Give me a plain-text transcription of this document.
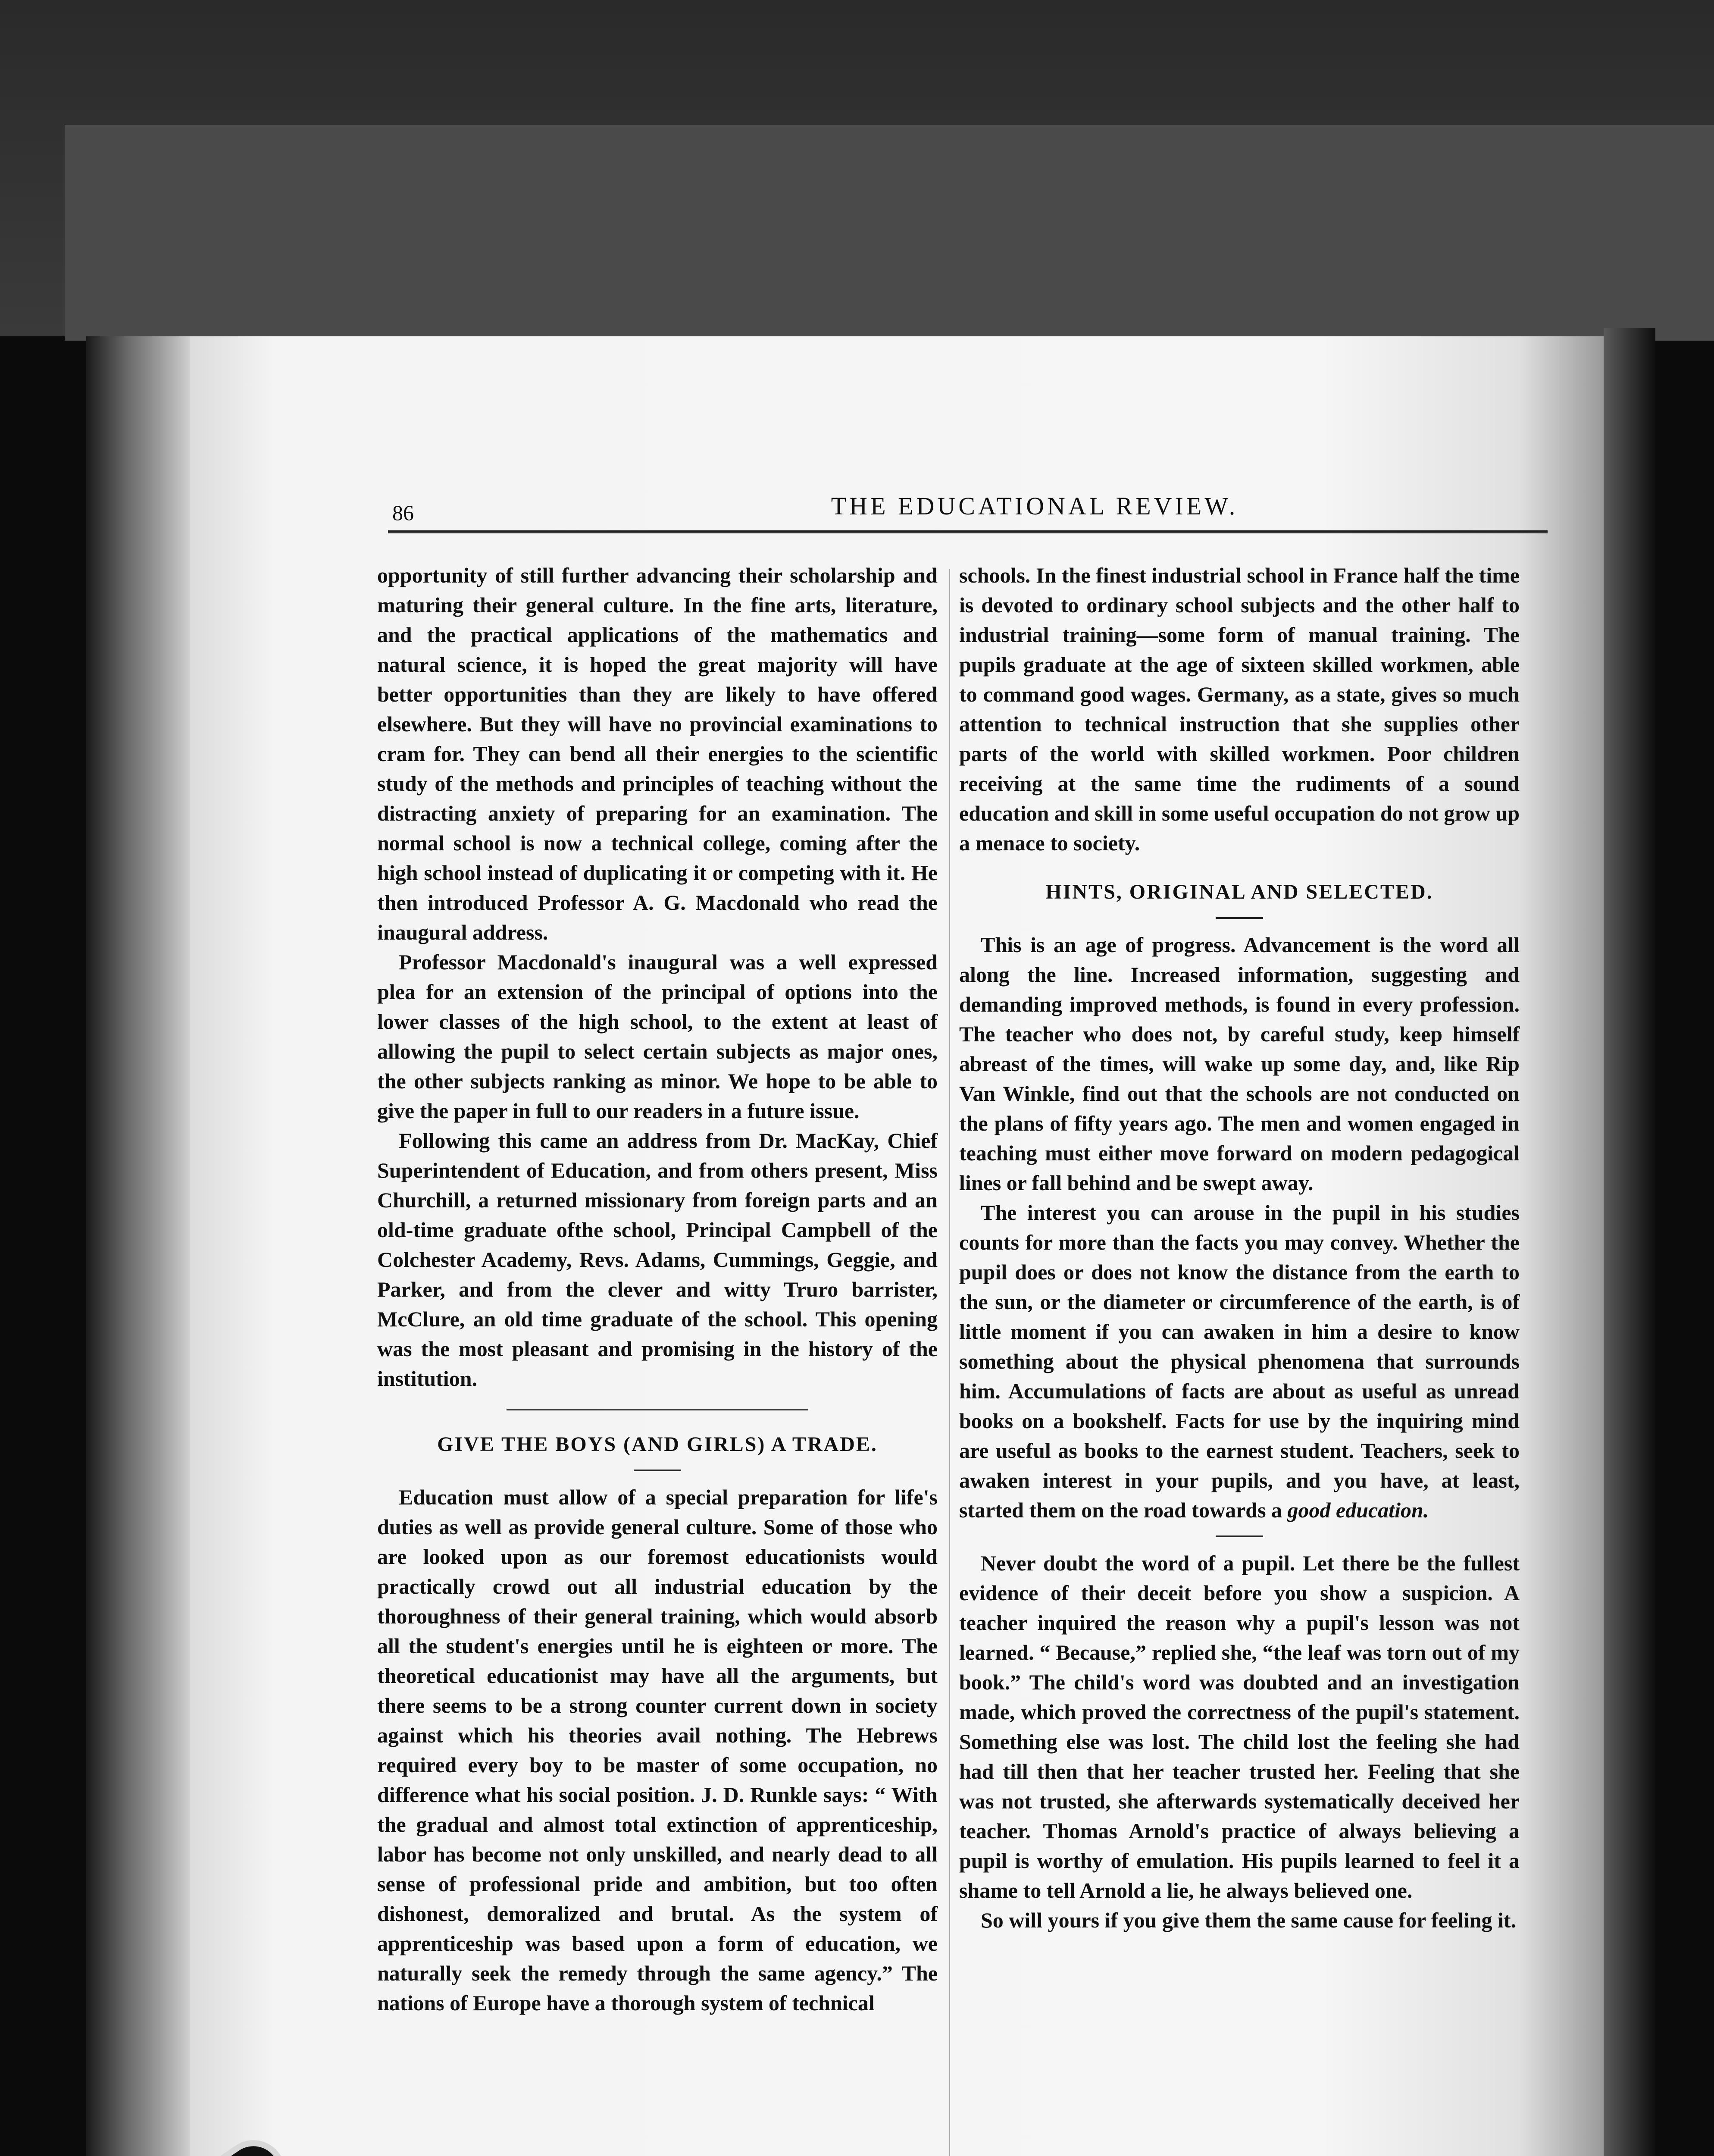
86	THE EDUCATIONAL REVIEW.

opportunity of still further advancing their scholarship and maturing their general culture. In the fine arts, literature, and the practical applications of the mathematics and natural science, it is hoped the great majority will have better opportunities than they are likely to have offered elsewhere. But they will have no provincial examinations to cram for. They can bend all their energies to the scientific study of the methods and principles of teaching without the distracting anxiety of preparing for an examination. The normal school is now a technical college, coming after the high school instead of duplicating it or competing with it. He then introduced Professor A. G. Macdonald who read the inaugural address.

Professor Macdonald's inaugural was a well expressed plea for an extension of the principal of options into the lower classes of the high school, to the extent at least of allowing the pupil to select certain subjects as major ones, the other subjects ranking as minor. We hope to be able to give the paper in full to our readers in a future issue.

Following this came an address from Dr. MacKay, Chief Superintendent of Education, and from others present, Miss Churchill, a returned missionary from foreign parts and an old-time graduate ofthe school, Principal Campbell of the Colchester Academy, Revs. Adams, Cummings, Geggie, and Parker, and from the clever and witty Truro barrister, McClure, an old time graduate of the school. This opening was the most pleasant and promising in the history of the institution.

GIVE THE BOYS (AND GIRLS) A TRADE.

Education must allow of a special preparation for life's duties as well as provide general culture. Some of those who are looked upon as our foremost educationists would practically crowd out all industrial education by the thoroughness of their general training, which would absorb all the student's energies until he is eighteen or more. The theoretical educationist may have all the arguments, but there seems to be a strong counter current down in society against which his theories avail nothing. The Hebrews required every boy to be master of some occupation, no difference what his social position. J. D. Runkle says: “ With the gradual and almost total extinction of apprenticeship, labor has become not only unskilled, and nearly dead to all sense of professional pride and ambition, but too often dishonest, demoralized and brutal. As the system of apprenticeship was based upon a form of education, we naturally seek the remedy through the same agency.” The nations of Europe have a thorough system of technical

schools. In the finest industrial school in France half the time is devoted to ordinary school subjects and the other half to industrial training—some form of manual training. The pupils graduate at the age of sixteen skilled workmen, able to command good wages. Germany, as a state, gives so much attention to technical instruction that she supplies other parts of the world with skilled workmen. Poor children receiving at the same time the rudiments of a sound education and skill in some useful occupation do not grow up a menace to society.

HINTS, ORIGINAL AND SELECTED.

This is an age of progress. Advancement is the word all along the line. Increased information, suggesting and demanding improved methods, is found in every profession. The teacher who does not, by careful study, keep himself abreast of the times, will wake up some day, and, like Rip Van Winkle, find out that the schools are not conducted on the plans of fifty years ago. The men and women engaged in teaching must either move forward on modern pedagogical lines or fall behind and be swept away.

The interest you can arouse in the pupil in his studies counts for more than the facts you may convey. Whether the pupil does or does not know the distance from the earth to the sun, or the diameter or circumference of the earth, is of little moment if you can awaken in him a desire to know something about the physical phenomena that surrounds him. Accumulations of facts are about as useful as unread books on a bookshelf. Facts for use by the inquiring mind are useful as books to the earnest student. Teachers, seek to awaken interest in your pupils, and you have, at least, started them on the road towards a good education.

Never doubt the word of a pupil. Let there be the fullest evidence of their deceit before you show a suspicion. A teacher inquired the reason why a pupil's lesson was not learned. “ Because,” replied she, “the leaf was torn out of my book.” The child's word was doubted and an investigation made, which proved the correctness of the pupil's statement. Something else was lost. The child lost the feeling she had had till then that her teacher trusted her. Feeling that she was not trusted, she afterwards systematically deceived her teacher. Thomas Arnold's practice of always believing a pupil is worthy of emulation. His pupils learned to feel it a shame to tell Arnold a lie, he always believed one.

So will yours if you give them the same cause for feeling it.
